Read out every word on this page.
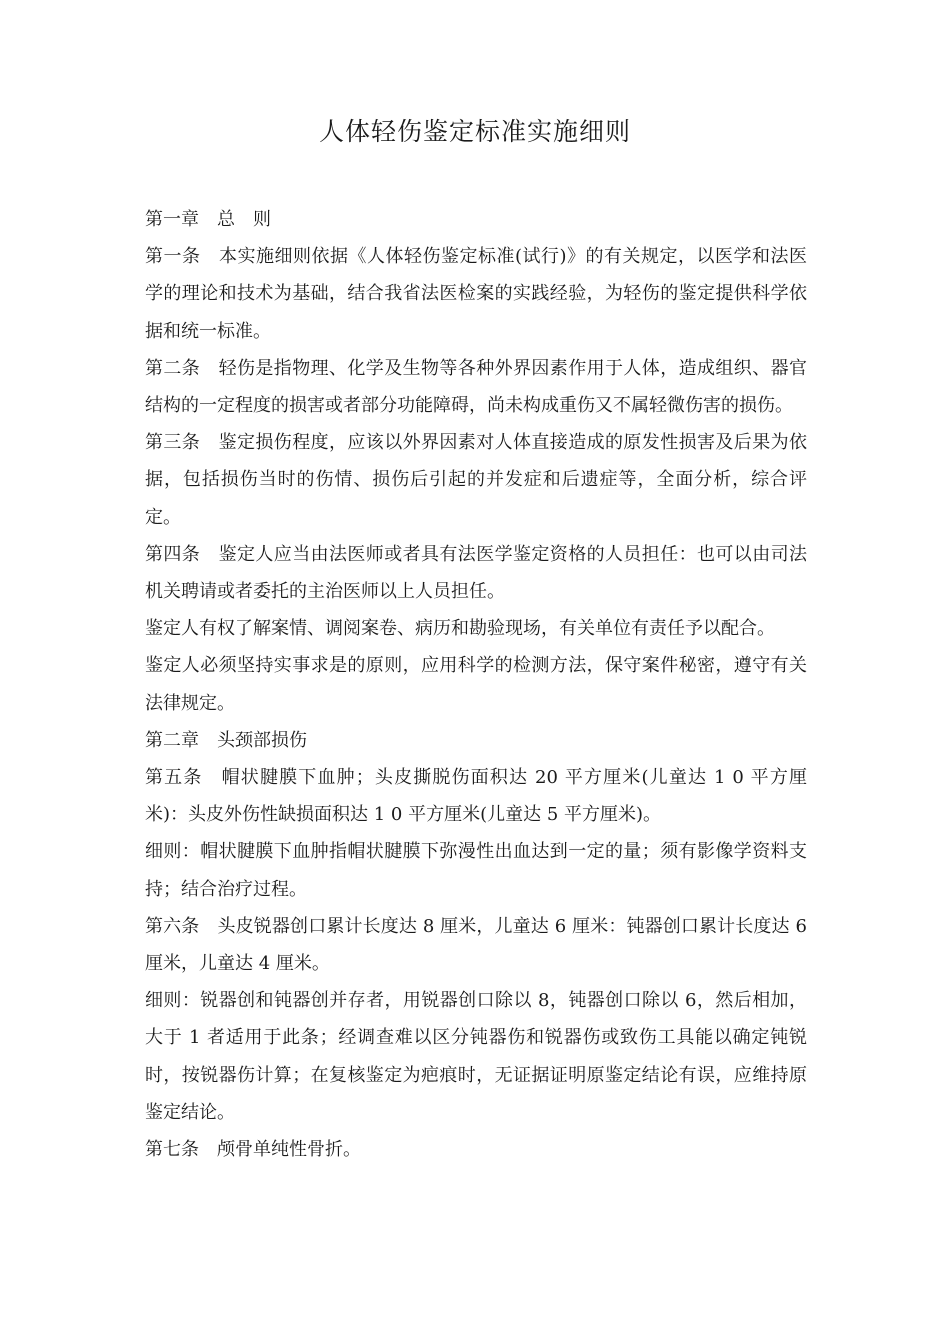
人体轻伤鉴定标准实施细则

第一章　总　则

第一条　本实施细则依据《人体轻伤鉴定标准(试行)》的有关规定，以医学和法医学的理论和技术为基础，结合我省法医检案的实践经验，为轻伤的鉴定提供科学依据和统一标准。

第二条　轻伤是指物理、化学及生物等各种外界因素作用于人体，造成组织、器官结构的一定程度的损害或者部分功能障碍，尚未构成重伤又不属轻微伤害的损伤。

第三条　鉴定损伤程度，应该以外界因素对人体直接造成的原发性损害及后果为依据，包括损伤当时的伤情、损伤后引起的并发症和后遗症等，全面分析，综合评定。

第四条　鉴定人应当由法医师或者具有法医学鉴定资格的人员担任：也可以由司法机关聘请或者委托的主治医师以上人员担任。

鉴定人有权了解案情、调阅案卷、病历和勘验现场，有关单位有责任予以配合。

鉴定人必须坚持实事求是的原则，应用科学的检测方法，保守案件秘密，遵守有关法律规定。

第二章　头颈部损伤

第五条　帽状腱膜下血肿；头皮撕脱伤面积达 20 平方厘米(儿童达 1 0 平方厘米)：头皮外伤性缺损面积达 1 0 平方厘米(儿童达 5 平方厘米)。

细则：帽状腱膜下血肿指帽状腱膜下弥漫性出血达到一定的量；须有影像学资料支持；结合治疗过程。

第六条　头皮锐器创口累计长度达 8 厘米，儿童达 6 厘米：钝器创口累计长度达 6 厘米，儿童达 4 厘米。

细则：锐器创和钝器创并存者，用锐器创口除以 8，钝器创口除以 6，然后相加，大于 1 者适用于此条；经调查难以区分钝器伤和锐器伤或致伤工具能以确定钝锐时，按锐器伤计算；在复核鉴定为疤痕时，无证据证明原鉴定结论有误，应维持原鉴定结论。

第七条　颅骨单纯性骨折。
